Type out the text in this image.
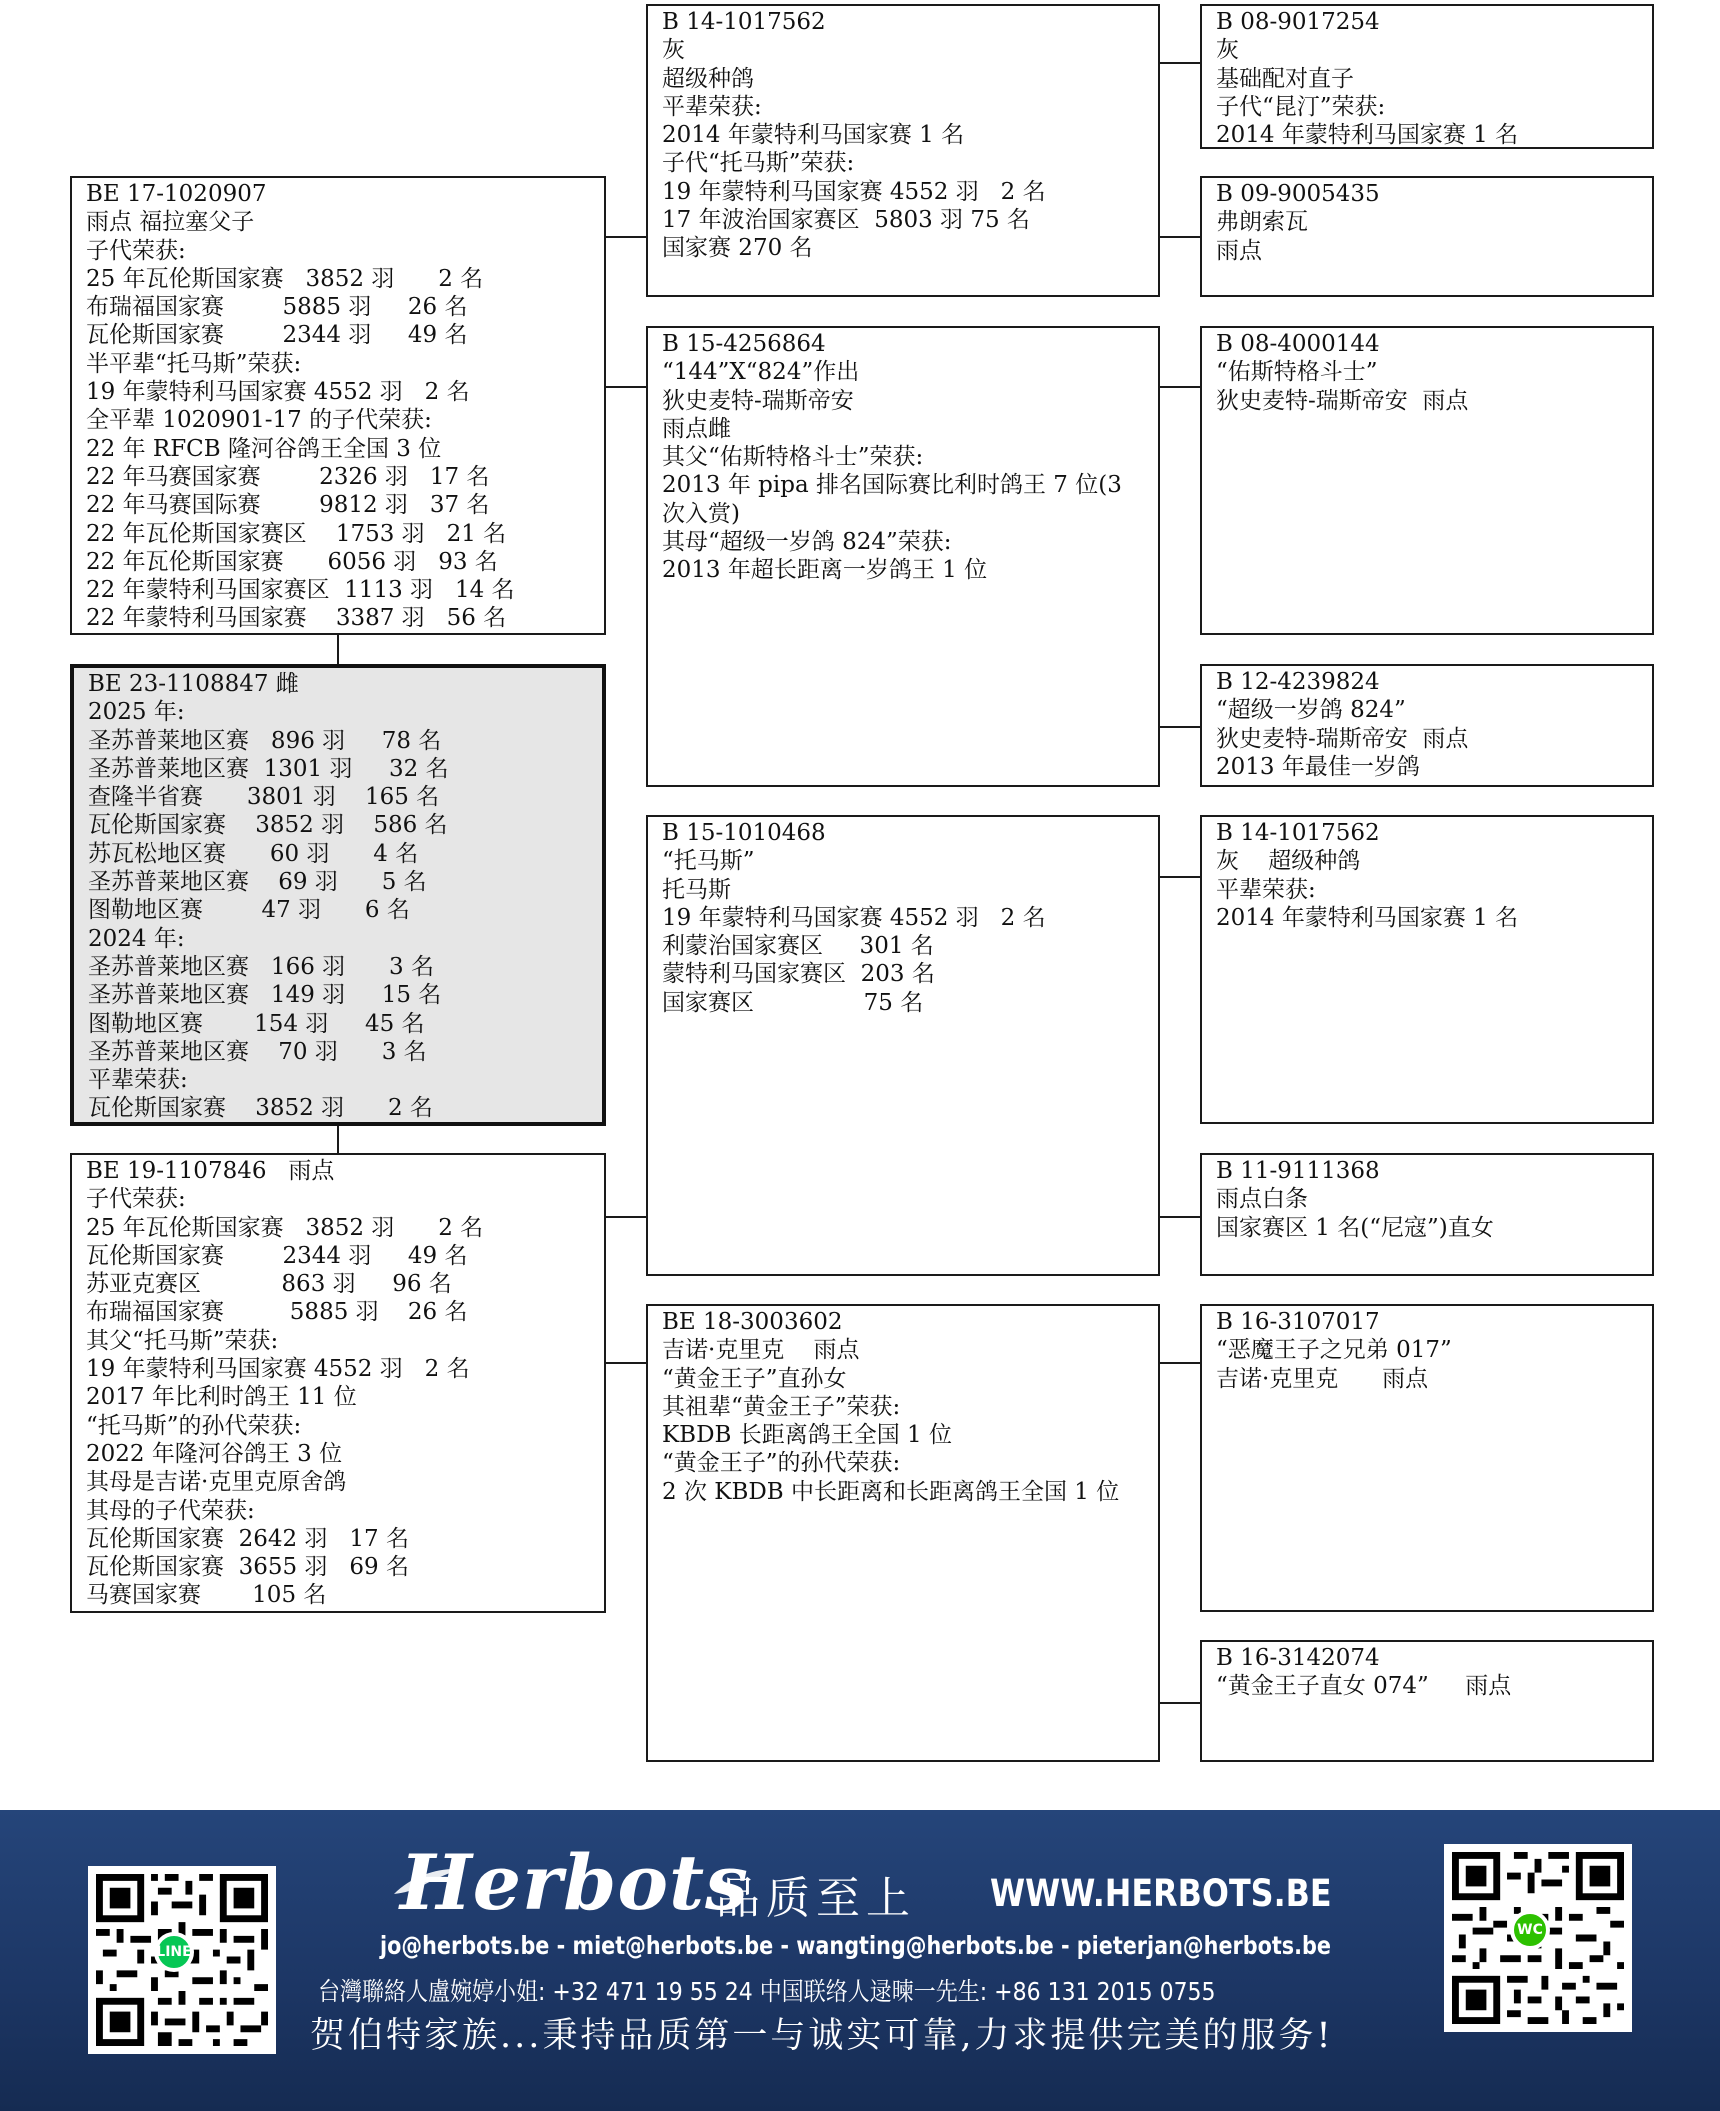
B 14-1017562
灰
超级种鸽
平辈荣获:
2014 年蒙特利马国家赛 1 名
子代“托马斯”荣获:
19 年蒙特利马国家赛 4552 羽   2 名
17 年波治国家赛区  5803 羽 75 名
国家赛 270 名
B 08-9017254
灰
基础配对直子
子代“昆汀”荣获:
2014 年蒙特利马国家赛 1 名
B 09-9005435
弗朗索瓦
雨点
BE 17-1020907
雨点 福拉塞父子
子代荣获:
25 年瓦伦斯国家赛   3852 羽      2 名
布瑞福国家赛        5885 羽     26 名
瓦伦斯国家赛        2344 羽     49 名
半平辈“托马斯”荣获:
19 年蒙特利马国家赛 4552 羽   2 名
全平辈 1020901-17 的子代荣获:
22 年 RFCB 隆河谷鸽王全国 3 位
22 年马赛国家赛        2326 羽   17 名
22 年马赛国际赛        9812 羽   37 名
22 年瓦伦斯国家赛区    1753 羽   21 名
22 年瓦伦斯国家赛      6056 羽   93 名
22 年蒙特利马国家赛区  1113 羽   14 名
22 年蒙特利马国家赛    3387 羽   56 名
B 15-4256864
“144”X“824”作出
狄史麦特-瑞斯帝安
雨点雌
其父“佑斯特格斗士”荣获:
2013 年 pipa 排名国际赛比利时鸽王 7 位(3
次入赏)
其母“超级一岁鸽 824”荣获:
2013 年超长距离一岁鸽王 1 位
B 08-4000144
“佑斯特格斗士”
狄史麦特-瑞斯帝安  雨点
B 12-4239824
“超级一岁鸽 824”
狄史麦特-瑞斯帝安  雨点
2013 年最佳一岁鸽
BE 23-1108847 雌
2025 年:
圣苏普莱地区赛   896 羽     78 名
圣苏普莱地区赛  1301 羽     32 名
查隆半省赛      3801 羽    165 名
瓦伦斯国家赛    3852 羽    586 名
苏瓦松地区赛      60 羽      4 名
圣苏普莱地区赛    69 羽      5 名
图勒地区赛        47 羽      6 名
2024 年:
圣苏普莱地区赛   166 羽      3 名
圣苏普莱地区赛   149 羽     15 名
图勒地区赛       154 羽     45 名
圣苏普莱地区赛    70 羽      3 名
平辈荣获:
瓦伦斯国家赛    3852 羽      2 名
B 15-1010468
“托马斯”
托马斯
19 年蒙特利马国家赛 4552 羽   2 名
利蒙治国家赛区     301 名
蒙特利马国家赛区  203 名
国家赛区               75 名
B 14-1017562
灰    超级种鸽
平辈荣获:
2014 年蒙特利马国家赛 1 名
B 11-9111368
雨点白条
国家赛区 1 名(“尼寇”)直女
BE 19-1107846   雨点
子代荣获:
25 年瓦伦斯国家赛   3852 羽      2 名
瓦伦斯国家赛        2344 羽     49 名
苏亚克赛区           863 羽     96 名
布瑞福国家赛         5885 羽    26 名
其父“托马斯”荣获:
19 年蒙特利马国家赛 4552 羽   2 名
2017 年比利时鸽王 11 位
“托马斯”的孙代荣获:
2022 年隆河谷鸽王 3 位
其母是吉诺·克里克原舍鸽
其母的子代荣获:
瓦伦斯国家赛  2642 羽   17 名
瓦伦斯国家赛  3655 羽   69 名
马赛国家赛       105 名
BE 18-3003602
吉诺·克里克    雨点
“黄金王子”直孙女
其祖辈“黄金王子”荣获:
KBDB 长距离鸽王全国 1 位
“黄金王子”的孙代荣获:
2 次 KBDB 中长距离和长距离鸽王全国 1 位
B 16-3107017
“恶魔王子之兄弟 017”
吉诺·克里克      雨点
B 16-3142074
“黄金王子直女 074”     雨点
LINE
WC
Herbots
品质至上 WWW.HERBOTS.BE
jo@herbots.be - miet@herbots.be - wangting@herbots.be - pieterjan@herbots.be
台灣聯絡人盧婉婷小姐: +32 471 19 55 24 中国联络人逯暕一先生: +86 131 2015 0755
贺伯特家族...秉持品质第一与诚实可靠,力求提供完美的服务!
